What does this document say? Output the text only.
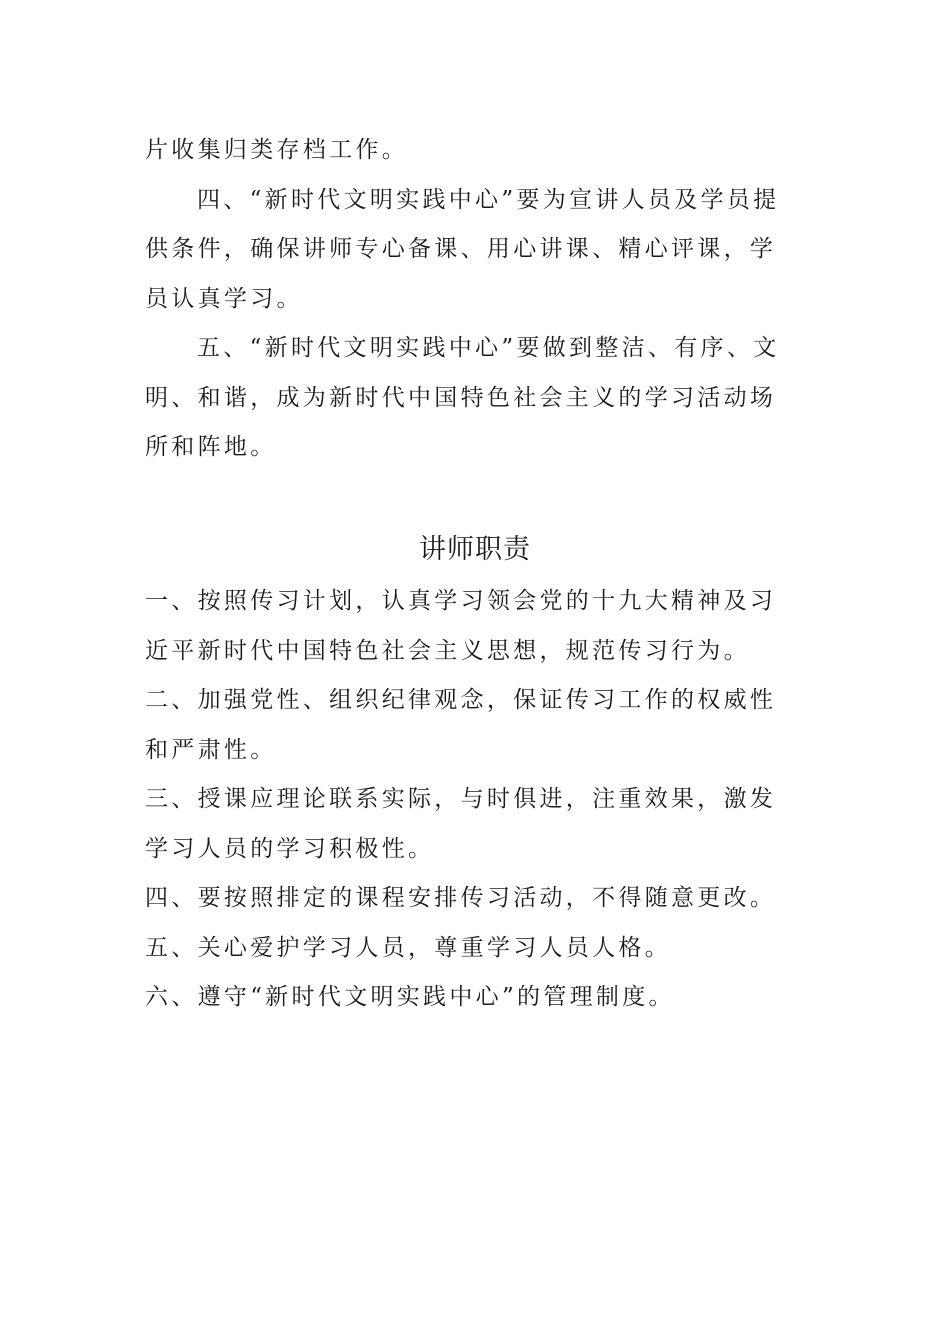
片收集归类存档工作。

四、“新时代文明实践中心”要为宣讲人员及学员提供条件，确保讲师专心备课、用心讲课、精心评课，学员认真学习。

五、“新时代文明实践中心”要做到整洁、有序、文明、和谐，成为新时代中国特色社会主义的学习活动场所和阵地。

讲师职责

一、按照传习计划，认真学习领会党的十九大精神及习近平新时代中国特色社会主义思想，规范传习行为。

二、加强党性、组织纪律观念，保证传习工作的权威性和严肃性。

三、授课应理论联系实际，与时俱进，注重效果，激发学习人员的学习积极性。

四、要按照排定的课程安排传习活动，不得随意更改。

五、关心爱护学习人员，尊重学习人员人格。

六、遵守“新时代文明实践中心”的管理制度。
